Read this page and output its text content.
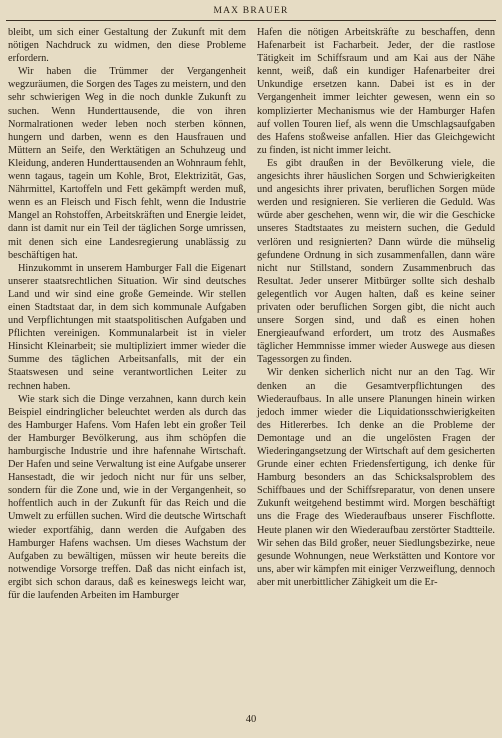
MAX BRAUER

bleibt, um sich einer Gestaltung der Zukunft mit dem nötigen Nachdruck zu widmen, den diese Probleme erfordern.

Wir haben die Trümmer der Vergangenheit wegzuräumen, die Sorgen des Tages zu meistern, und den sehr schwierigen Weg in die noch dunkle Zukunft zu suchen. Wenn Hunderttausende, die von ihren Normalrationen weder leben noch sterben können, hungern und darben, wenn es den Hausfrauen und Müttern an Seife, den Werktätigen an Schuhzeug und Kleidung, anderen Hunderttausenden an Wohnraum fehlt, wenn tagaus, tagein um Kohle, Brot, Elektrizität, Gas, Nährmittel, Kartoffeln und Fett gekämpft werden muß, wenn es an Fleisch und Fisch fehlt, wenn die Industrie Mangel an Rohstoffen, Arbeitskräften und Energie leidet, dann ist damit nur ein Teil der täglichen Sorge umrissen, mit denen sich eine Landesregierung unablässig zu beschäftigen hat.

Hinzukommt in unserem Hamburger Fall die Eigenart unserer staatsrechtlichen Situation. Wir sind deutsches Land und wir sind eine große Gemeinde. Wir stellen einen Stadtstaat dar, in dem sich kommunale Aufgaben und Verpflichtungen mit staatspolitischen Aufgaben und Pflichten vereinigen. Kommunalarbeit ist in vieler Hinsicht Kleinarbeit; sie multipliziert immer wieder die Summe des täglichen Arbeitsanfalls, mit der ein Staatswesen und seine verantwortlichen Leiter zu rechnen haben.

Wie stark sich die Dinge verzahnen, kann durch kein Beispiel eindringlicher beleuchtet werden als durch das des Hamburger Hafens. Vom Hafen lebt ein großer Teil der Hamburger Bevölkerung, aus ihm schöpfen die hamburgische Industrie und ihre hafennahe Wirtschaft. Der Hafen und seine Verwaltung ist eine Aufgabe unserer Hansestadt, die wir jedoch nicht nur für uns selber, sondern für die Zone und, wie in der Vergangenheit, so hoffentlich auch in der Zukunft für das Reich und die Umwelt zu erfüllen suchen. Wird die deutsche Wirtschaft wieder exportfähig, dann werden die Aufgaben des Hamburger Hafens wachsen. Um dieses Wachstum der Aufgaben zu bewältigen, müssen wir heute bereits die notwendige Vorsorge treffen. Daß das nicht einfach ist, ergibt sich schon daraus, daß es keineswegs leicht war, für die laufenden Arbeiten im Hamburger

Hafen die nötigen Arbeitskräfte zu beschaffen, denn Hafenarbeit ist Facharbeit. Jeder, der die rastlose Tätigkeit im Schiffsraum und am Kai aus der Nähe kennt, weiß, daß ein kundiger Hafenarbeiter drei Unkundige ersetzen kann. Dabei ist es in der Vergangenheit immer leichter gewesen, wenn ein so komplizierter Mechanismus wie der Hamburger Hafen auf vollen Touren lief, als wenn die Umschlagsaufgaben des Hafens stoßweise anfallen. Hier das Gleichgewicht zu finden, ist nicht immer leicht.

Es gibt draußen in der Bevölkerung viele, die angesichts ihrer häuslichen Sorgen und Schwierigkeiten und angesichts ihrer privaten, beruflichen Sorgen müde werden und resignieren. Sie verlieren die Geduld. Was würde aber geschehen, wenn wir, die wir die Geschicke unseres Stadtstaates zu meistern suchen, die Geduld verlören und resignierten? Dann würde die mühselig gefundene Ordnung in sich zusammenfallen, dann wäre nicht nur Stillstand, sondern Zusammenbruch das Resultat. Jeder unserer Mitbürger sollte sich deshalb gelegentlich vor Augen halten, daß es keine seiner privaten oder beruflichen Sorgen gibt, die nicht auch unsere Sorgen sind, und daß es einen hohen Energieaufwand erfordert, um trotz des Ausmaßes täglicher Hemmnisse immer wieder Auswege aus diesen Tagessorgen zu finden.

Wir denken sicherlich nicht nur an den Tag. Wir denken an die Gesamtverpflichtungen des Wiederaufbaus. In alle unsere Planungen hinein wirken jedoch immer wieder die Liquidationsschwierigkeiten des Hitlererbes. Ich denke an die Probleme der Demontage und an die ungelösten Fragen der Wiederingangsetzung der Wirtschaft auf dem gesicherten Grunde einer echten Friedensfertigung, ich denke für Hamburg besonders an das Schicksalsproblem des Schiffbaues und der Schiffsreparatur, von denen unsere Zukunft weitgehend bestimmt wird. Morgen beschäftigt uns die Frage des Wiederaufbaus unserer Fischflotte. Heute planen wir den Wiederaufbau zerstörter Stadtteile. Wir sehen das Bild großer, neuer Siedlungsbezirke, neue gesunde Wohnungen, neue Werkstätten und Kontore vor uns, aber wir kämpfen mit einiger Verzweiflung, dennoch aber mit unerbittlicher Zähigkeit um die Er-

40
